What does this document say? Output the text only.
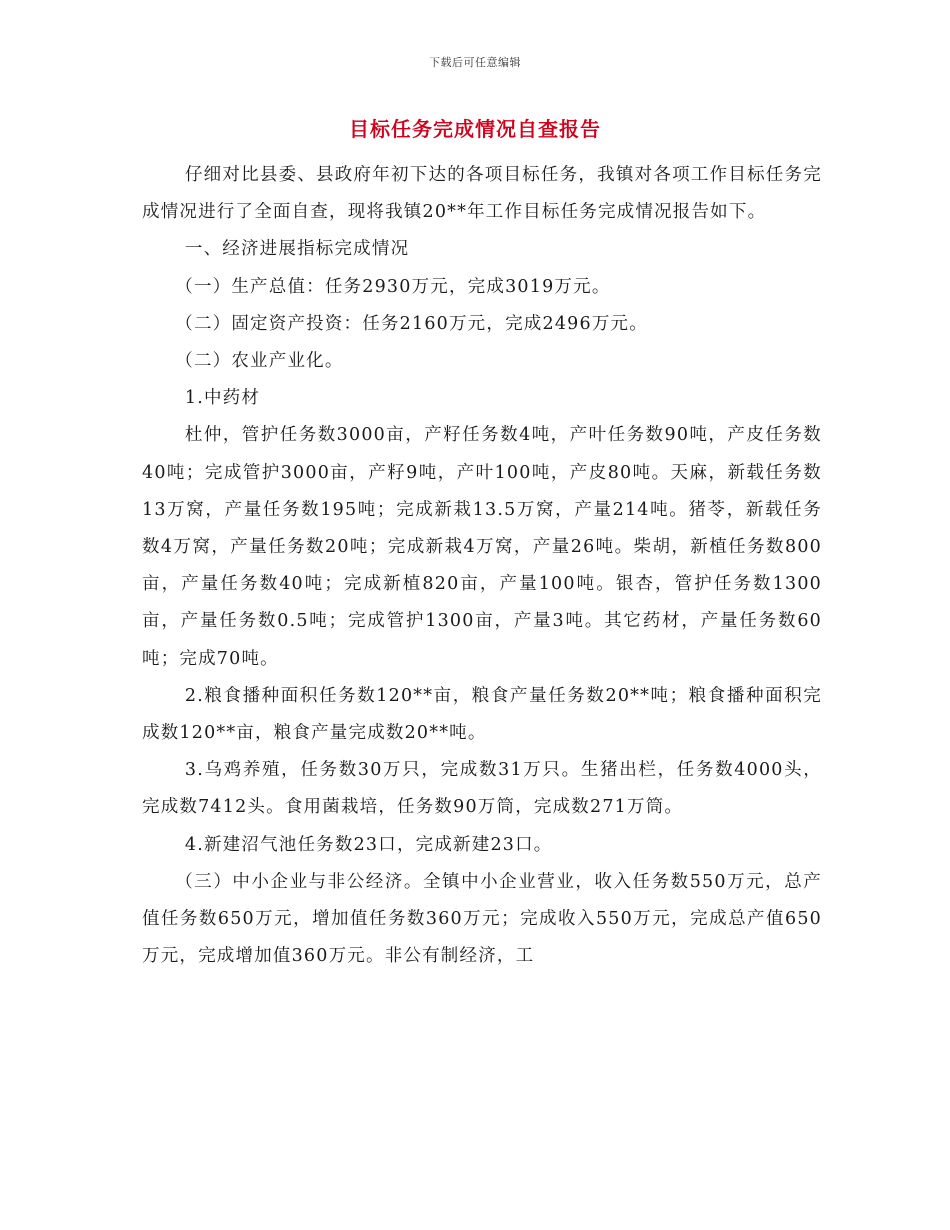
下载后可任意编辑
目标任务完成情况自查报告

仔细对比县委、县政府年初下达的各项目标任务，我镇对各项工作目标任务完成情况进行了全面自查，现将我镇20**年工作目标任务完成情况报告如下。

一、经济进展指标完成情况

（一）生产总值：任务2930万元，完成3019万元。

（二）固定资产投资：任务2160万元，完成2496万元。

（二）农业产业化。

1.中药材

杜仲，管护任务数3000亩，产籽任务数4吨，产叶任务数90吨，产皮任务数40吨；完成管护3000亩，产籽9吨，产叶100吨，产皮80吨。天麻，新载任务数13万窝，产量任务数195吨；完成新栽13.5万窝，产量214吨。猪苓，新载任务数4万窝，产量任务数20吨；完成新栽4万窝，产量26吨。柴胡，新植任务数800亩，产量任务数40吨；完成新植820亩，产量100吨。银杏，管护任务数1300亩，产量任务数0.5吨；完成管护1300亩，产量3吨。其它药材，产量任务数60吨；完成70吨。

2.粮食播种面积任务数120**亩，粮食产量任务数20**吨；粮食播种面积完成数120**亩，粮食产量完成数20**吨。

3.乌鸡养殖，任务数30万只，完成数31万只。生猪出栏，任务数4000头，完成数7412头。食用菌栽培，任务数90万筒，完成数271万筒。

4.新建沼气池任务数23口，完成新建23口。

（三）中小企业与非公经济。全镇中小企业营业，收入任务数550万元，总产值任务数650万元，增加值任务数360万元；完成收入550万元，完成总产值650万元，完成增加值360万元。非公有制经济，工
